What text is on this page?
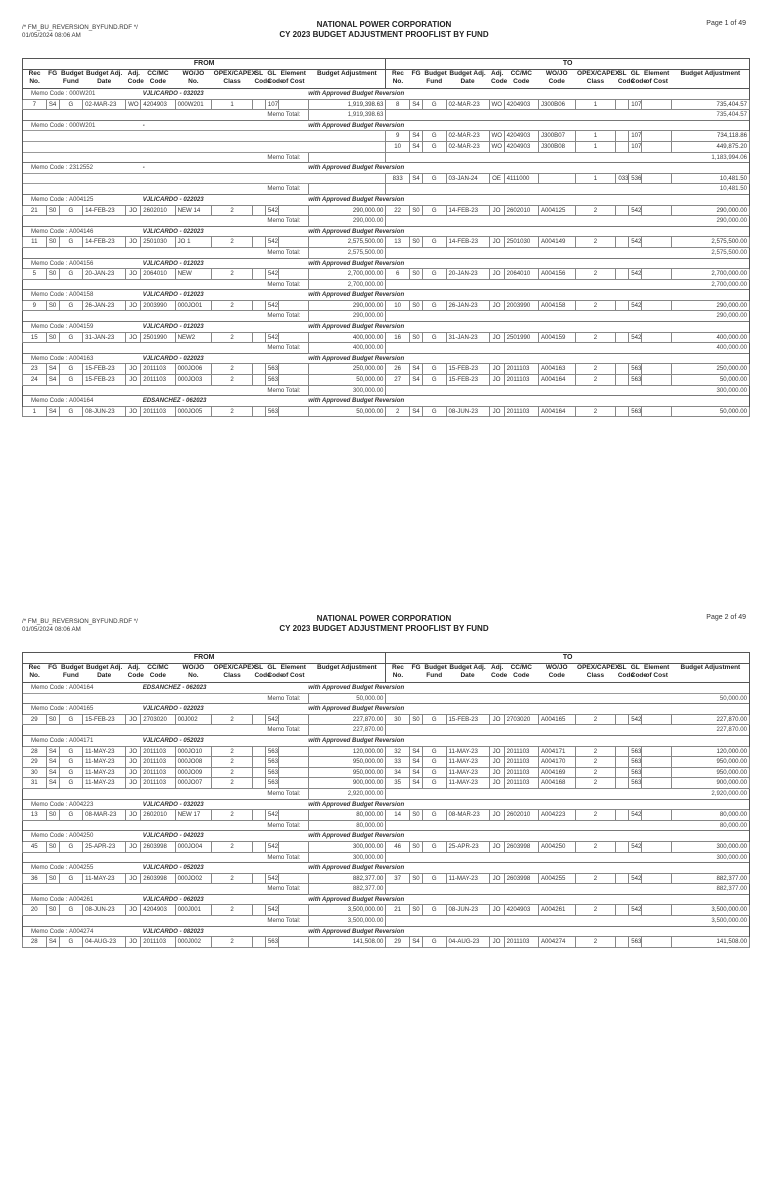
/* FM_BU_REVERSION_BYFUND.RDF */
01/05/2024 08:06 AM
NATIONAL POWER CORPORATION
CY 2023 BUDGET ADJUSTMENT PROOFLIST BY FUND
Page 1 of 49
FROM												TO											
Rec No.	FG	Budget Fund	Budget Adj. Date	Adj. Code	CC/MC Code	WO/JO No.	OPEX/CAPEX Class	SL Code	GL Code	Element of Cost	Budget Adjustment	Rec No.	FG	Budget Fund	Budget Adj. Date	Adj. Code	CC/MC Code	WO/JO Code	OPEX/CAPEX Class	SL Code	GL Code	Element of Cost	Budget Adjustment
Memo Code : 000W201					VJLICARDO - 032023					with Approved Budget Reversion													
7	S4	G	02-MAR-23	WO	4204903	000W201	1		107		1,919,398.63	8	S4	G	02-MAR-23	WO	4204903	J300B06	1		107		735,404.57
									Memo Total:		1,919,398.63												735,404.57
Memo Code : 000W201					-					with Approved Budget Reversion													
												9	S4	G	02-MAR-23	WO	4204903	J300B07	1		107		734,118.86
												10	S4	G	02-MAR-23	WO	4204903	J300B08	1		107		449,875.20
									Memo Total:														1,183,994.06
Memo Code : 2312552					-					with Approved Budget Reversion													
												833	S4	G	03-JAN-24	OE	4111000		1	033	536		10,481.50
									Memo Total:														10,481.50
Memo Code : A004125					VJLICARDO - 022023					with Approved Budget Reversion													
21	S0	G	14-FEB-23	JO	2602010	NEW 14	2		542		290,000.00	22	S0	G	14-FEB-23	JO	2602010	A004125	2		542		290,000.00
									Memo Total:		290,000.00												290,000.00
Memo Code : A004146					VJLICARDO - 022023					with Approved Budget Reversion													
11	S0	G	14-FEB-23	JO	2501030	JO 1	2		542		2,575,500.00	13	S0	G	14-FEB-23	JO	2501030	A004149	2		542		2,575,500.00
									Memo Total:		2,575,500.00												2,575,500.00
Memo Code : A004156					VJLICARDO - 012023					with Approved Budget Reversion													
5	S0	G	20-JAN-23	JO	2064010	NEW	2		542		2,700,000.00	6	S0	G	20-JAN-23	JO	2064010	A004156	2		542		2,700,000.00
									Memo Total:		2,700,000.00												2,700,000.00
Memo Code : A004158					VJLICARDO - 012023					with Approved Budget Reversion													
9	S0	G	26-JAN-23	JO	2003990	000JO01	2		542		290,000.00	10	S0	G	26-JAN-23	JO	2003990	A004158	2		542		290,000.00
									Memo Total:		290,000.00												290,000.00
Memo Code : A004159					VJLICARDO - 012023					with Approved Budget Reversion													
15	S0	G	31-JAN-23	JO	2501990	NEW2	2		542		400,000.00	16	S0	G	31-JAN-23	JO	2501990	A004159	2		542		400,000.00
									Memo Total:		400,000.00												400,000.00
Memo Code : A004163					VJLICARDO - 022023					with Approved Budget Reversion													
23	S4	G	15-FEB-23	JO	2011103	000JO06	2		563		250,000.00	26	S4	G	15-FEB-23	JO	2011103	A004163	2		563		250,000.00
24	S4	G	15-FEB-23	JO	2011103	000JO03	2		563		50,000.00	27	S4	G	15-FEB-23	JO	2011103	A004164	2		563		50,000.00
									Memo Total:		300,000.00												300,000.00
Memo Code : A004164					EDSANCHEZ - 062023					with Approved Budget Reversion													
1	S4	G	08-JUN-23	JO	2011103	000JO05	2		563		50,000.00	2	S4	G	08-JUN-23	JO	2011103	A004164	2		563		50,000.00

/* FM_BU_REVERSION_BYFUND.RDF */
01/05/2024 08:06 AM
NATIONAL POWER CORPORATION
CY 2023 BUDGET ADJUSTMENT PROOFLIST BY FUND
Page 2 of 49
FROM												TO											
Rec No.	FG	Budget Fund	Budget Adj. Date	Adj. Code	CC/MC Code	WO/JO No.	OPEX/CAPEX Class	SL Code	GL Code	Element of Cost	Budget Adjustment	Rec No.	FG	Budget Fund	Budget Adj. Date	Adj. Code	CC/MC Code	WO/JO Code	OPEX/CAPEX Class	SL Code	GL Code	Element of Cost	Budget Adjustment
Memo Code : A004164					EDSANCHEZ - 062023					with Approved Budget Reversion													
									Memo Total:		50,000.00												50,000.00
Memo Code : A004165					VJLICARDO - 022023					with Approved Budget Reversion													
29	S0	G	15-FEB-23	JO	2703020	00J002	2		542		227,870.00	30	S0	G	15-FEB-23	JO	2703020	A004165	2		542		227,870.00
									Memo Total:		227,870.00												227,870.00
Memo Code : A004171					VJLICARDO - 052023					with Approved Budget Reversion													
28	S4	G	11-MAY-23	JO	2011103	000JO10	2		563		120,000.00	32	S4	G	11-MAY-23	JO	2011103	A004171	2		563		120,000.00
29	S4	G	11-MAY-23	JO	2011103	000JO08	2		563		950,000.00	33	S4	G	11-MAY-23	JO	2011103	A004170	2		563		950,000.00
30	S4	G	11-MAY-23	JO	2011103	000JO09	2		563		950,000.00	34	S4	G	11-MAY-23	JO	2011103	A004169	2		563		950,000.00
31	S4	G	11-MAY-23	JO	2011103	000JO07	2		563		900,000.00	35	S4	G	11-MAY-23	JO	2011103	A004168	2		563		900,000.00
									Memo Total:		2,920,000.00												2,920,000.00
Memo Code : A004223					VJLICARDO - 032023					with Approved Budget Reversion													
13	S0	G	08-MAR-23	JO	2602010	NEW 17	2		542		80,000.00	14	S0	G	08-MAR-23	JO	2602010	A004223	2		542		80,000.00
									Memo Total:		80,000.00												80,000.00
Memo Code : A004250					VJLICARDO - 042023					with Approved Budget Reversion													
45	S0	G	25-APR-23	JO	2603998	000JO04	2		542		300,000.00	46	S0	G	25-APR-23	JO	2603998	A004250	2		542		300,000.00
									Memo Total:		300,000.00												300,000.00
Memo Code : A004255					VJLICARDO - 052023					with Approved Budget Reversion													
36	S0	G	11-MAY-23	JO	2603998	000JO02	2		542		882,377.00	37	S0	G	11-MAY-23	JO	2603998	A004255	2		542		882,377.00
									Memo Total:		882,377.00												882,377.00
Memo Code : A004261					VJLICARDO - 062023					with Approved Budget Reversion													
20	S0	G	08-JUN-23	JO	4204903	000J001	2		542		3,500,000.00	21	S0	G	08-JUN-23	JO	4204903	A004261	2		542		3,500,000.00
									Memo Total:		3,500,000.00												3,500,000.00
Memo Code : A004274					VJLICARDO - 082023					with Approved Budget Reversion													
28	S4	G	04-AUG-23	JO	2011103	000J002	2		563		141,508.00	29	S4	G	04-AUG-23	JO	2011103	A004274	2		563		141,508.00
